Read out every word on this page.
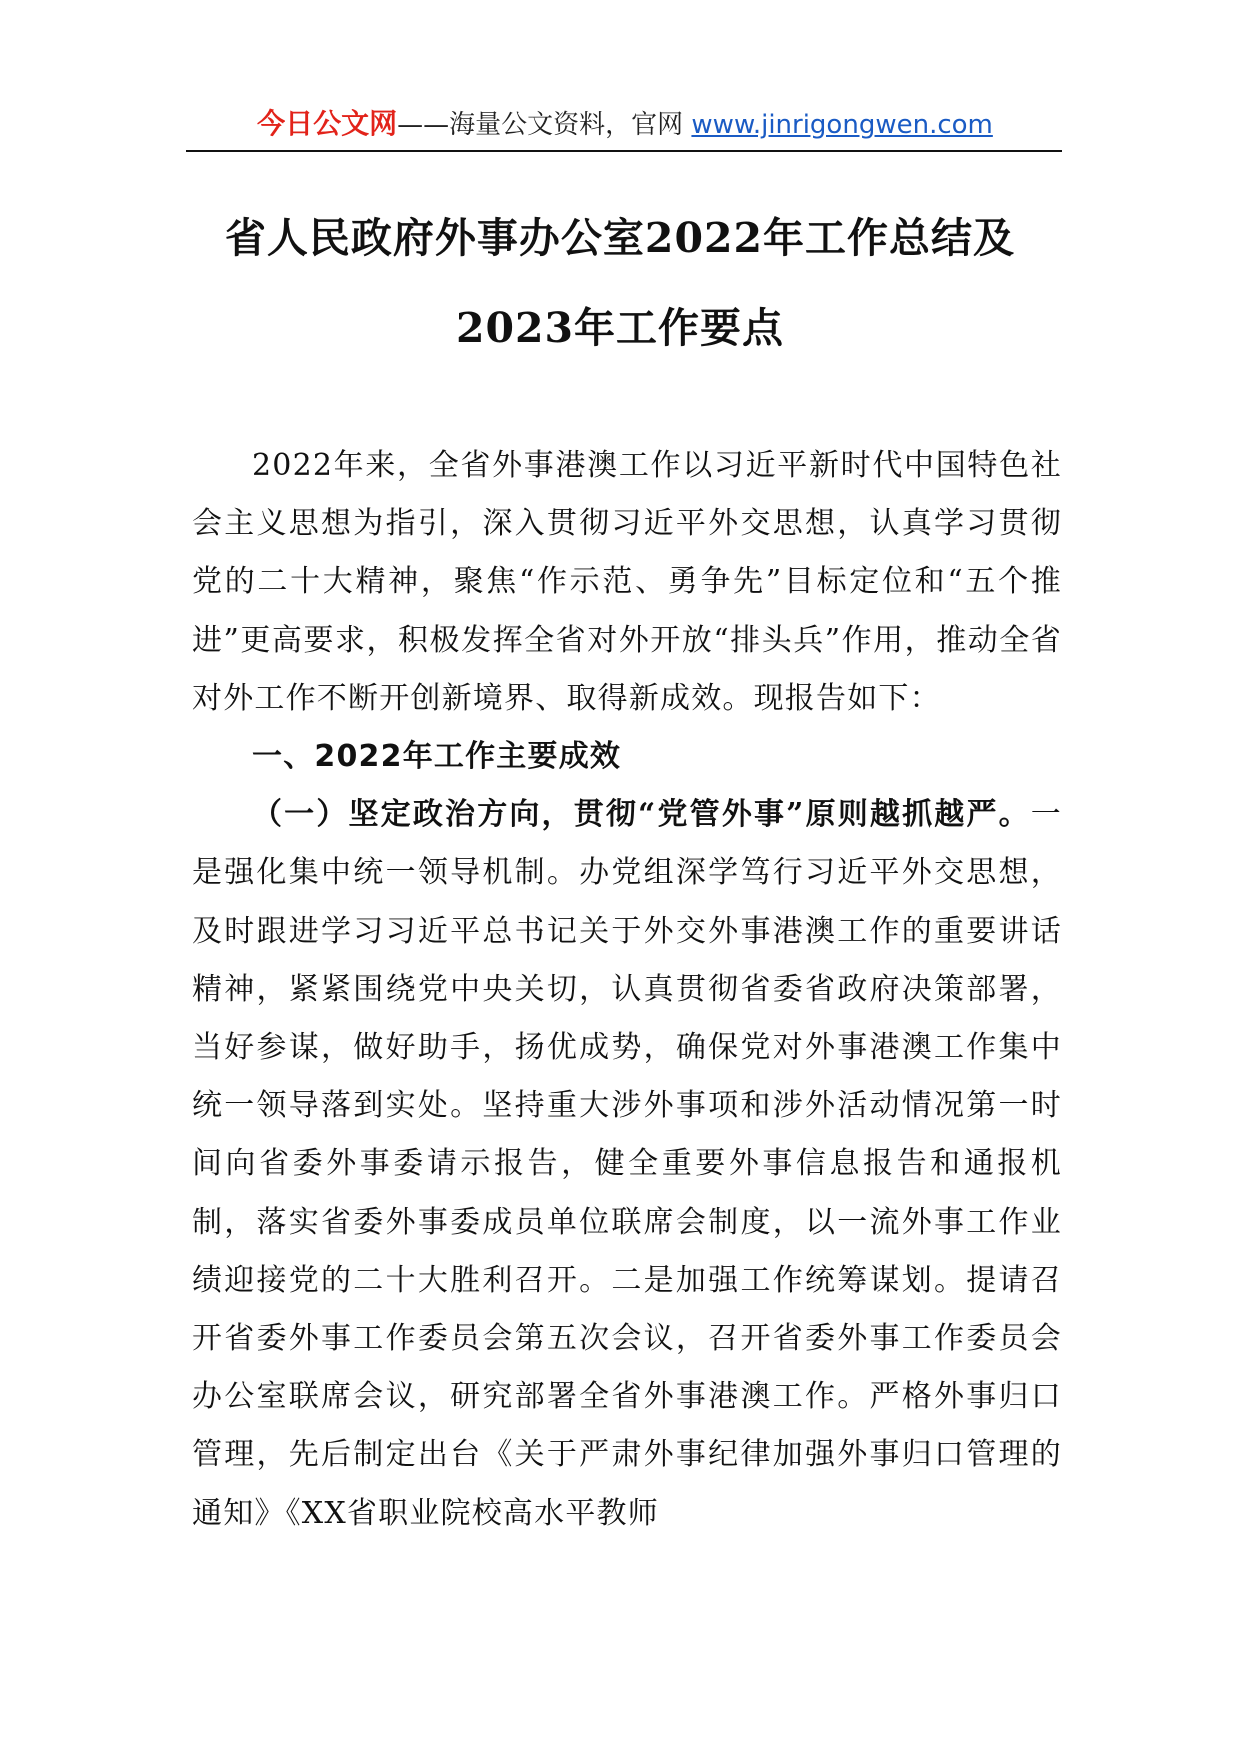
今日公文网——海量公文资料，官网 www.jinrigongwen.com
省人民政府外事办公室2022年工作总结及
2023年工作要点

2022年来，全省外事港澳工作以习近平新时代中国特色社会主义思想为指引，深入贯彻习近平外交思想，认真学习贯彻党的二十大精神，聚焦“作示范、勇争先”目标定位和“五个推进”更高要求，积极发挥全省对外开放“排头兵”作用，推动全省对外工作不断开创新境界、取得新成效。现报告如下：

一、2022年工作主要成效

（一）坚定政治方向，贯彻“党管外事”原则越抓越严。一是强化集中统一领导机制。办党组深学笃行习近平外交思想，及时跟进学习习近平总书记关于外交外事港澳工作的重要讲话精神，紧紧围绕党中央关切，认真贯彻省委省政府决策部署，当好参谋，做好助手，扬优成势，确保党对外事港澳工作集中统一领导落到实处。坚持重大涉外事项和涉外活动情况第一时间向省委外事委请示报告，健全重要外事信息报告和通报机制，落实省委外事委成员单位联席会制度，以一流外事工作业绩迎接党的二十大胜利召开。二是加强工作统筹谋划。提请召开省委外事工作委员会第五次会议，召开省委外事工作委员会办公室联席会议，研究部署全省外事港澳工作。严格外事归口管理，先后制定出台《关于严肃外事纪律加强外事归口管理的通知》《XX省职业院校高水平教师
